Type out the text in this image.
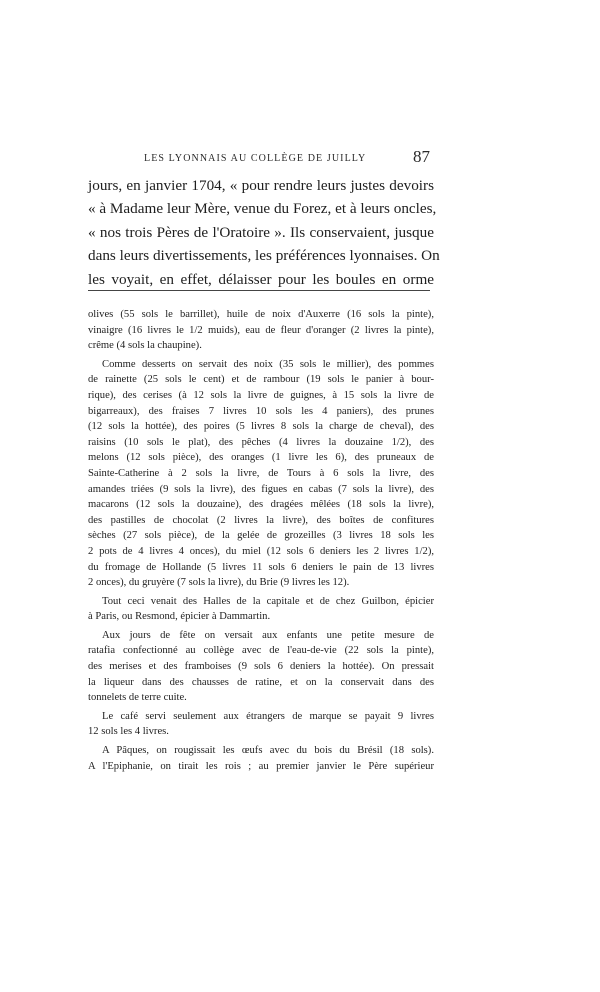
LES LYONNAIS AU COLLÈGE DE JUILLY	87
jours, en janvier 1704, « pour rendre leurs justes devoirs
« à Madame leur Mère, venue du Forez, et à leurs oncles,
« nos trois Pères de l'Oratoire ». Ils conservaient, jusque
dans leurs divertissements, les préférences lyonnaises. On
les voyait, en effet, délaisser pour les boules en orme
olives (55 sols le barrillet), huile de noix d'Auxerre (16 sols la pinte),
vinaigre (16 livres le 1/2 muids), eau de fleur d'oranger (2 livres la pinte),
crême (4 sols la chaupine).
Comme desserts on servait des noix (35 sols le millier), des pommes
de rainette (25 sols le cent) et de rambour (19 sols le panier à bour-
rique), des cerises (à 12 sols la livre de guignes, à 15 sols la livre de
bigarreaux), des fraises 7 livres 10 sols les 4 paniers), des prunes
(12 sols la hottée), des poires (5 livres 8 sols la charge de cheval), des
raisins (10 sols le plat), des pêches (4 livres la douzaine 1/2), des
melons (12 sols pièce), des oranges (1 livre les 6), des pruneaux de
Sainte-Catherine à 2 sols la livre, de Tours à 6 sols la livre, des
amandes triées (9 sols la livre), des figues en cabas (7 sols la livre), des
macarons (12 sols la douzaine), des dragées mêlées (18 sols la livre),
des pastilles de chocolat (2 livres la livre), des boîtes de confitures
sèches (27 sols pièce), de la gelée de grozeilles (3 livres 18 sols les
2 pots de 4 livres 4 onces), du miel (12 sols 6 deniers les 2 livres 1/2),
du fromage de Hollande (5 livres 11 sols 6 deniers le pain de 13 livres
2 onces), du gruyère (7 sols la livre), du Brie (9 livres les 12).
Tout ceci venait des Halles de la capitale et de chez Guilbon, épicier
à Paris, ou Resmond, épicier à Dammartin.
Aux jours de fête on versait aux enfants une petite mesure de
ratafia confectionné au collège avec de l'eau-de-vie (22 sols la pinte),
des merises et des framboises (9 sols 6 deniers la hottée). On pressait
la liqueur dans des chausses de ratine, et on la conservait dans des
tonnelets de terre cuite.
Le café servi seulement aux étrangers de marque se payait 9 livres
12 sols les 4 livres.
A Pâques, on rougissait les œufs avec du bois du Brésil (18 sols).
A l'Epiphanie, on tirait les rois ; au premier janvier le Père supérieur
